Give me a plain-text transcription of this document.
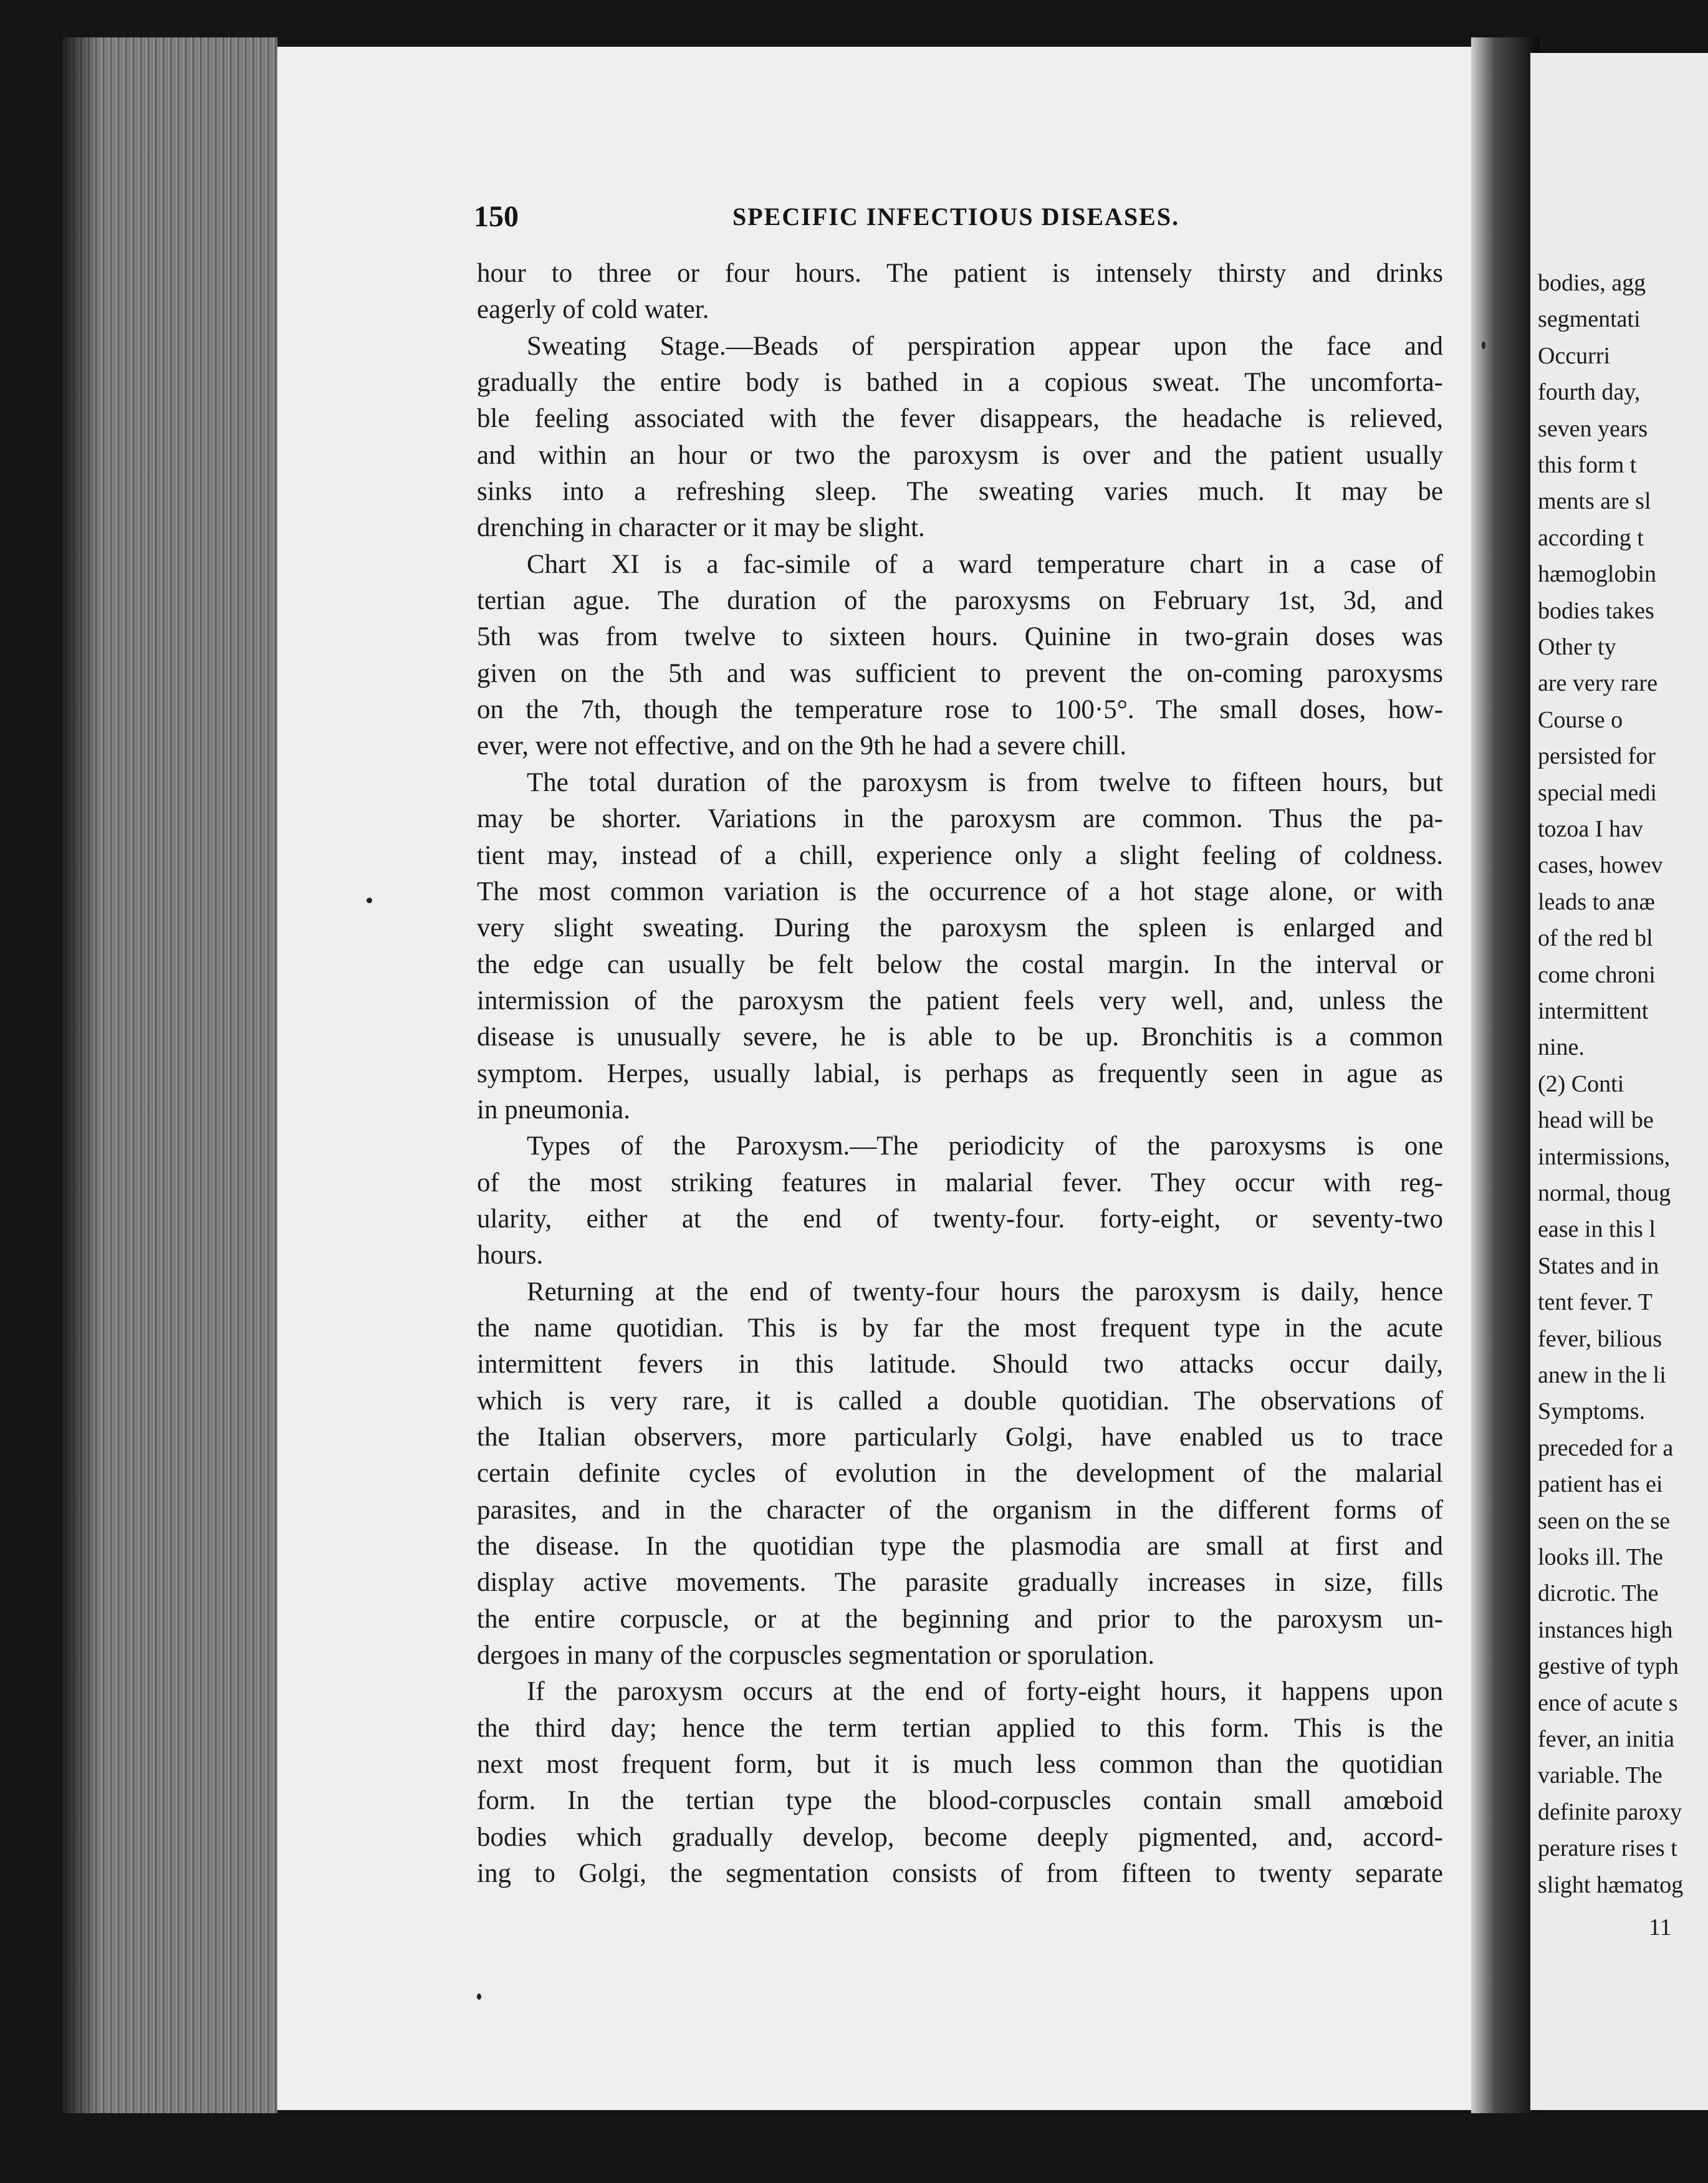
150	SPECIFIC INFECTIOUS DISEASES.
hour to three or four hours. The patient is intensely thirsty and drinks
eagerly of cold water.
Sweating Stage.—Beads of perspiration appear upon the face and
gradually the entire body is bathed in a copious sweat. The uncomforta-
ble feeling associated with the fever disappears, the headache is relieved,
and within an hour or two the paroxysm is over and the patient usually
sinks into a refreshing sleep. The sweating varies much. It may be
drenching in character or it may be slight.
Chart XI is a fac-simile of a ward temperature chart in a case of
tertian ague. The duration of the paroxysms on February 1st, 3d, and
5th was from twelve to sixteen hours. Quinine in two-grain doses was
given on the 5th and was sufficient to prevent the on-coming paroxysms
on the 7th, though the temperature rose to 100·5°. The small doses, how-
ever, were not effective, and on the 9th he had a severe chill.
The total duration of the paroxysm is from twelve to fifteen hours, but
may be shorter. Variations in the paroxysm are common. Thus the pa-
tient may, instead of a chill, experience only a slight feeling of coldness.
The most common variation is the occurrence of a hot stage alone, or with
very slight sweating. During the paroxysm the spleen is enlarged and
the edge can usually be felt below the costal margin. In the interval or
intermission of the paroxysm the patient feels very well, and, unless the
disease is unusually severe, he is able to be up. Bronchitis is a common
symptom. Herpes, usually labial, is perhaps as frequently seen in ague as
in pneumonia.
Types of the Paroxysm.—The periodicity of the paroxysms is one
of the most striking features in malarial fever. They occur with reg-
ularity, either at the end of twenty-four. forty-eight, or seventy-two
hours.
Returning at the end of twenty-four hours the paroxysm is daily, hence
the name quotidian. This is by far the most frequent type in the acute
intermittent fevers in this latitude. Should two attacks occur daily,
which is very rare, it is called a double quotidian. The observations of
the Italian observers, more particularly Golgi, have enabled us to trace
certain definite cycles of evolution in the development of the malarial
parasites, and in the character of the organism in the different forms of
the disease. In the quotidian type the plasmodia are small at first and
display active movements. The parasite gradually increases in size, fills
the entire corpuscle, or at the beginning and prior to the paroxysm un-
dergoes in many of the corpuscles segmentation or sporulation.
If the paroxysm occurs at the end of forty-eight hours, it happens upon
the third day; hence the term tertian applied to this form. This is the
next most frequent form, but it is much less common than the quotidian
form. In the tertian type the blood-corpuscles contain small amœboid
bodies which gradually develop, become deeply pigmented, and, accord-
ing to Golgi, the segmentation consists of from fifteen to twenty separate
bodies, agg
segmentati
Occurri
fourth day,
seven years
this form t
ments are sl
according t
hæmoglobin
bodies takes
Other ty
are very rare
Course o
persisted for
special medi
tozoa I hav
cases, howev
leads to anæ
of the red bl
come chroni
intermittent
nine.
(2) Conti
head will be
intermissions,
normal, thoug
ease in this l
States and in
tent fever. T
fever, bilious
anew in the li
Symptoms.
preceded for a
patient has ei
seen on the se
looks ill. The
dicrotic. The
instances high
gestive of typh
ence of acute s
fever, an initia
variable. The
definite paroxy
perature rises t
slight hæmatog
11
